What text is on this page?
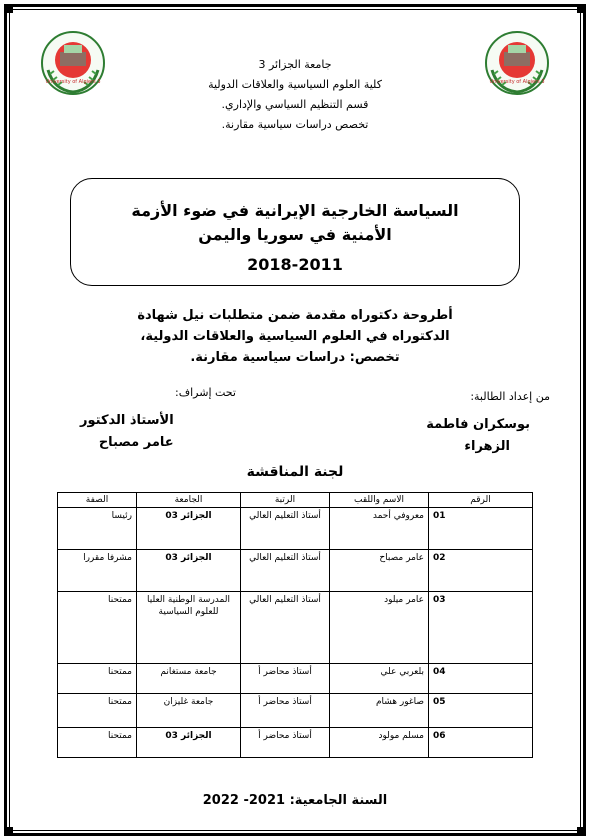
University of Algiers 3	University of Algiers 3
جامعة الجزائر 3
كلية العلوم السياسية والعلاقات الدولية
قسم التنظيم السياسي والإداري.
تخصص دراسات سياسية مقارنة.
السياسة الخارجية الإيرانية في ضوء الأزمة
الأمنية في سوريا واليمن
2018-2011
أطروحة دكتوراه مقدمة ضمن متطلبات نيل شهادة
الدكتوراه في العلوم السياسية والعلاقات الدولية،
تخصص: دراسات سياسية مقارنة.
من إعداد الطالبة:
تحت إشراف:
بوسكران فاطمة
الزهراء
الأستاذ الدكتور
عامر مصباح
لجنة المناقشة
الرقم	الاسم واللقب	الرتبة	الجامعة	الصفة
01	معروفي أحمد	أستاذ التعليم العالي	الجزائر 03	رئيسا
02	عامر مصباح	أستاذ التعليم العالي	الجزائر 03	مشرفا مقررا
03	عامر ميلود	أستاذ التعليم العالي	المدرسة الوطنية العليا للعلوم السياسية	ممتحنا
04	بلعربي علي	أستاذ محاضر أ	جامعة مستغانم	ممتحنا
05	صاغور هشام	أستاذ محاضر أ	جامعة غليزان	ممتحنا
06	مسلم مولود	أستاذ محاضر أ	الجزائر 03	ممتحنا
السنة الجامعية: 2021- 2022
